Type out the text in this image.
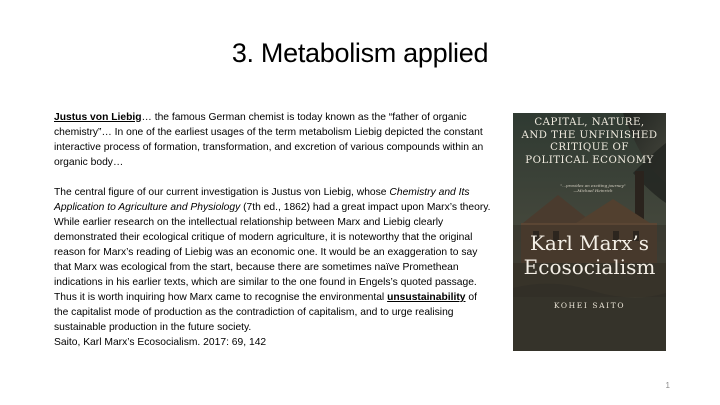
3. Metabolism applied

Justus von Liebig… the famous German chemist is today known as the “father of organic chemistry”… In one of the earliest usages of the term metabolism Liebig depicted the constant interactive process of formation, transformation, and excretion of various compounds within an organic body…

The central figure of our current investigation is Justus von Liebig, whose Chemistry and Its Application to Agriculture and Physiology (7th ed., 1862) had a great impact upon Marx’s theory. While earlier research on the intellectual relationship between Marx and Liebig clearly demonstrated their ecological critique of modern agriculture, it is noteworthy that the original reason for Marx’s reading of Liebig was an economic one. It would be an exaggeration to say that Marx was ecological from the start, because there are sometimes naïve Promethean indications in his earlier texts, which are similar to the one found in Engels’s quoted passage. Thus it is worth inquiring how Marx came to recognise the environmental unsustainability of the capitalist mode of production as the contradiction of capitalism, and to urge realising sustainable production in the future society.

Saito, Karl Marx’s Ecosocialism. 2017: 69, 142

CAPITAL, NATURE,
AND THE UNFINISHED
CRITIQUE OF
POLITICAL ECONOMY
"...provides an exciting journey"
—Michael Heinrich
Karl Marx’s
Ecosocialism
KOHEI SAITO
1
